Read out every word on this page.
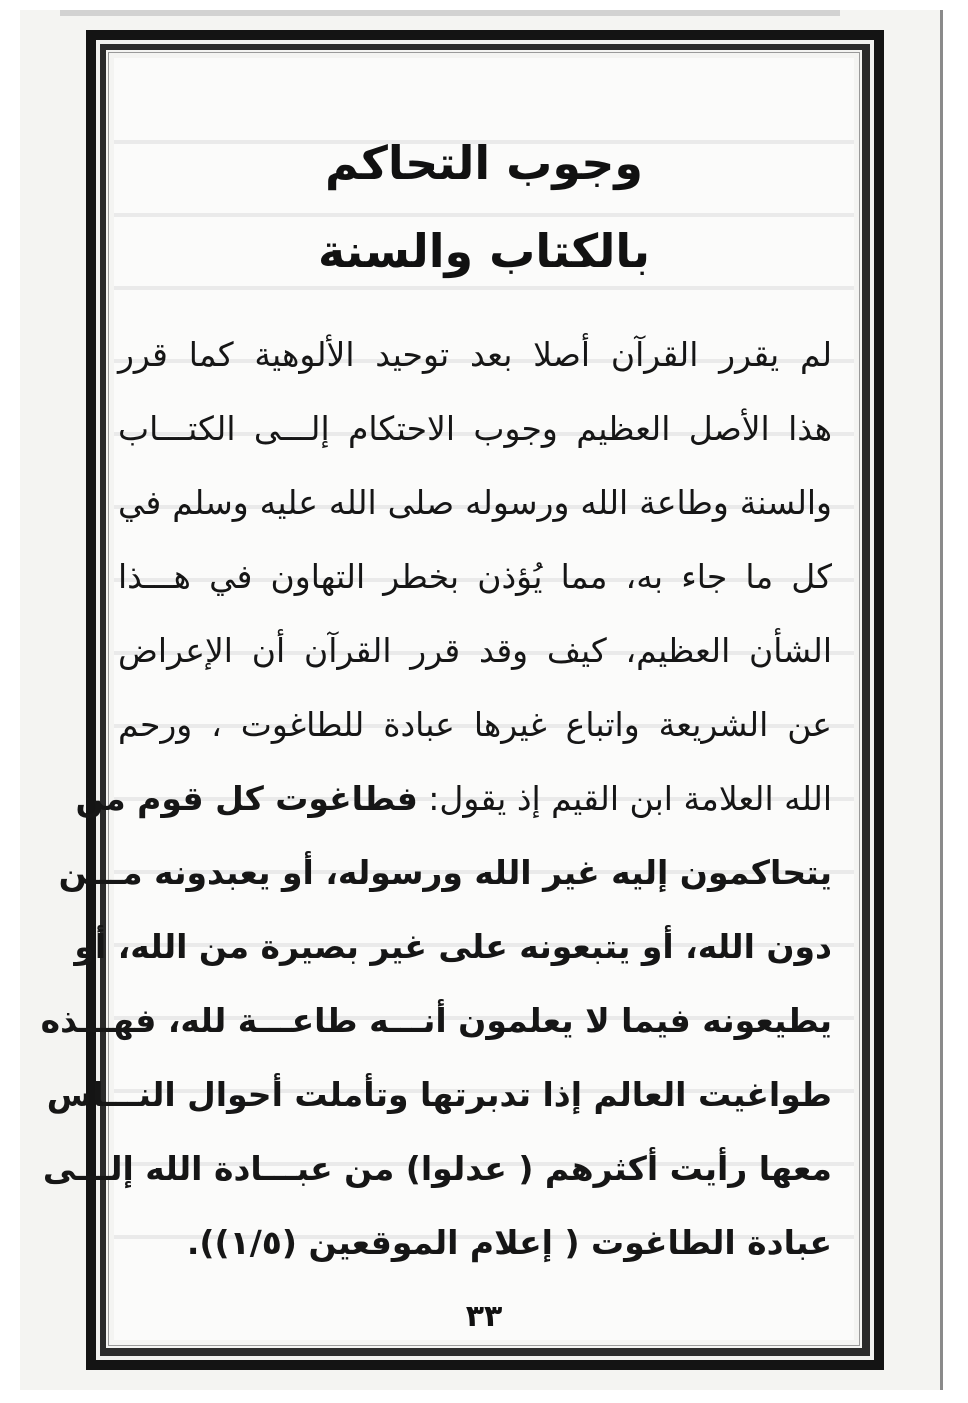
وجوب التحاكم
بالكتاب والسنة
لم يقرر القرآن أصلا بعد توحيد الألوهية كما قرر
هذا الأصل العظيم وجوب الاحتكام إلـــى الكتـــاب
والسنة وطاعة الله ورسوله صلى الله عليه وسلم في
كل ما جاء به، مما يُؤذن بخطر التهاون في هـــذا
الشأن العظيم، كيف وقد قرر القرآن أن الإعراض
عن الشريعة واتباع غيرها عبادة للطاغوت ، ورحم
الله العلامة ابن القيم إذ يقول: فطاغوت كل قوم من
يتحاكمون إليه غير الله ورسوله، أو يعبدونه مـــن
دون الله، أو يتبعونه على غير بصيرة من الله، أو
يطيعونه فيما لا يعلمون أنـــه طاعـــة لله، فهـــذه
طواغيت العالم إذا تدبرتها وتأملت أحوال النـــاس
معها رأيت أكثرهم ( عدلوا) من عبـــادة الله إلـــى
عبادة الطاغوت ( إعلام الموقعين (١/٥)).
٣٣
